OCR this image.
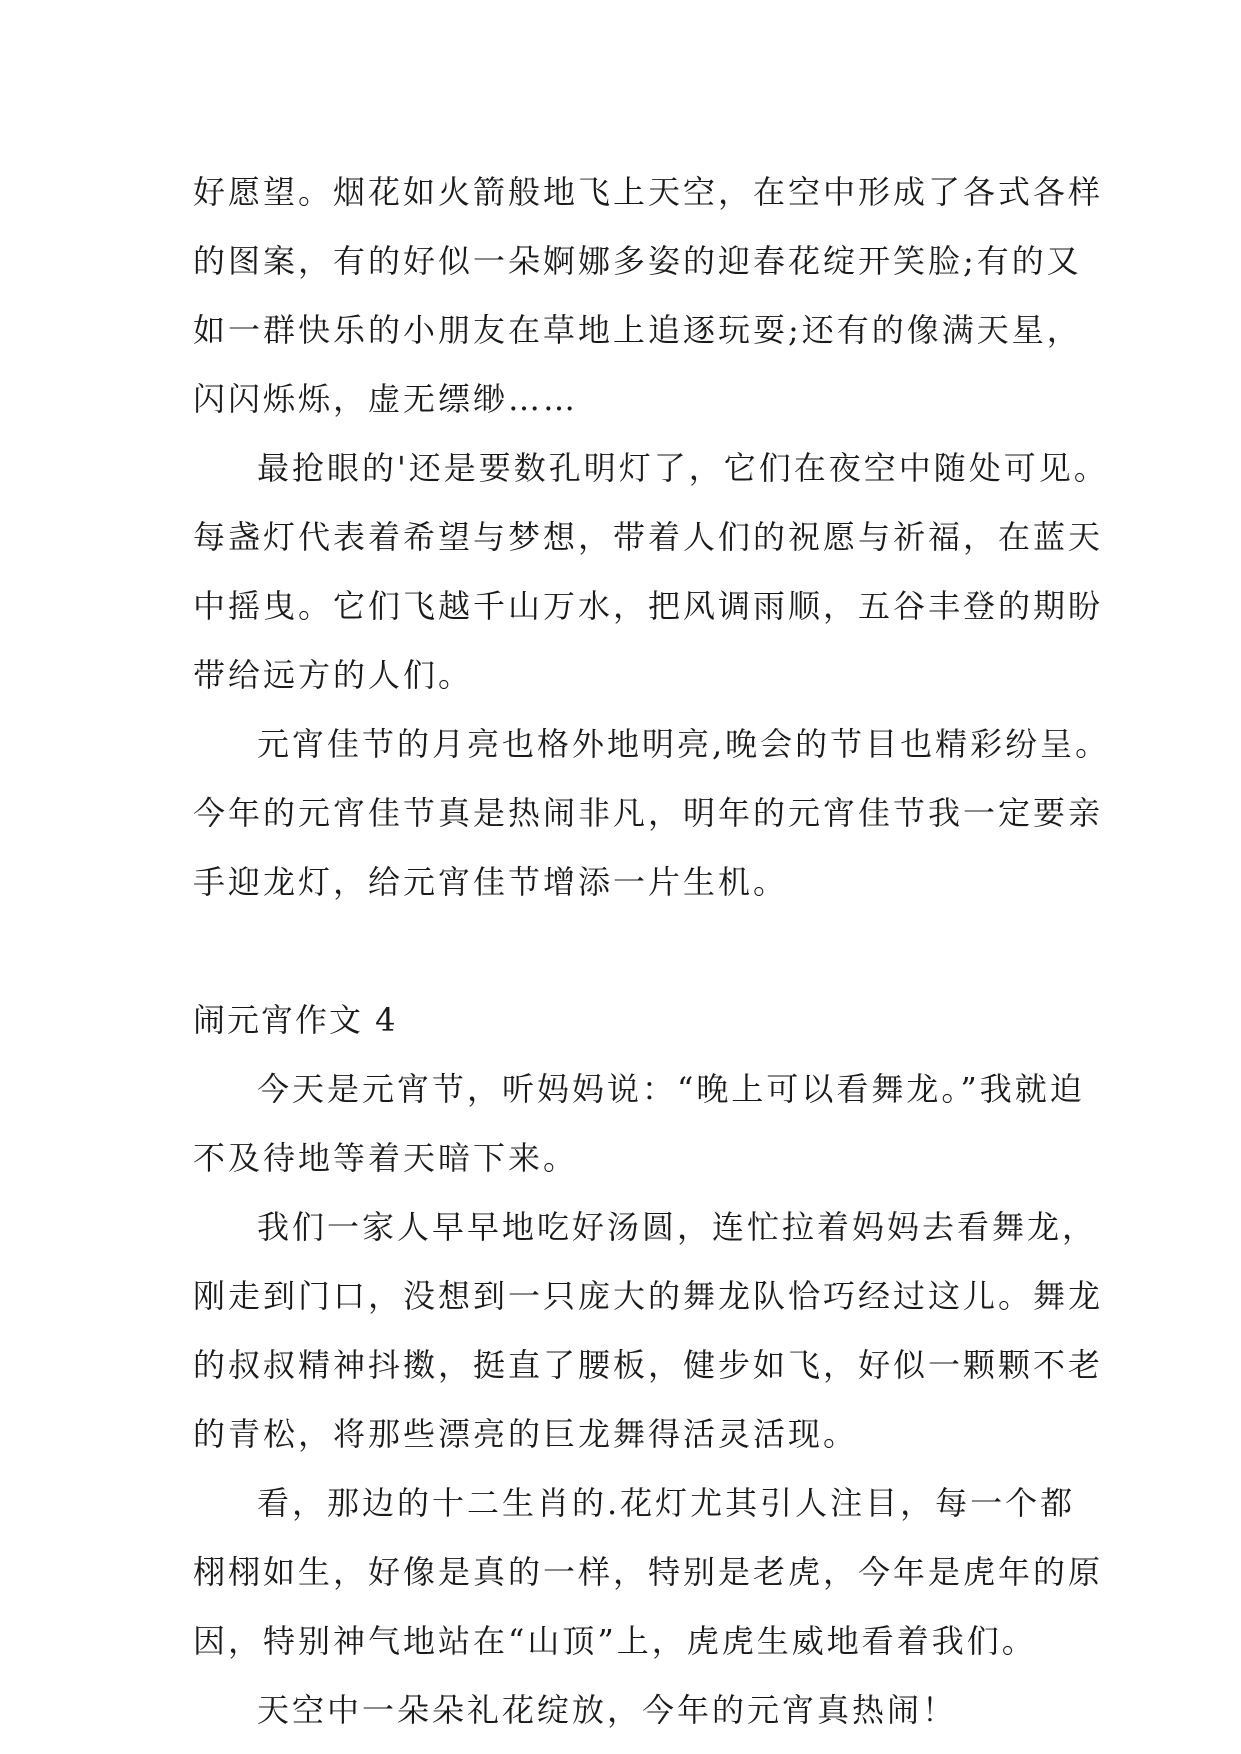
好愿望。烟花如火箭般地飞上天空，在空中形成了各式各样
的图案，有的好似一朵婀娜多姿的迎春花绽开笑脸;有的又
如一群快乐的小朋友在草地上追逐玩耍;还有的像满天星，
闪闪烁烁，虚无缥缈……
最抢眼的'还是要数孔明灯了，它们在夜空中随处可见。
每盏灯代表着希望与梦想，带着人们的祝愿与祈福，在蓝天
中摇曳。它们飞越千山万水，把风调雨顺，五谷丰登的期盼
带给远方的人们。
元宵佳节的月亮也格外地明亮,晚会的节目也精彩纷呈。
今年的元宵佳节真是热闹非凡，明年的元宵佳节我一定要亲
手迎龙灯，给元宵佳节增添一片生机。
闹元宵作文 4
今天是元宵节，听妈妈说：“晚上可以看舞龙。”我就迫
不及待地等着天暗下来。
我们一家人早早地吃好汤圆，连忙拉着妈妈去看舞龙，
刚走到门口，没想到一只庞大的舞龙队恰巧经过这儿。舞龙
的叔叔精神抖擞，挺直了腰板，健步如飞，好似一颗颗不老
的青松，将那些漂亮的巨龙舞得活灵活现。
看，那边的十二生肖的.花灯尤其引人注目，每一个都
栩栩如生，好像是真的一样，特别是老虎，今年是虎年的原
因，特别神气地站在“山顶”上，虎虎生威地看着我们。
天空中一朵朵礼花绽放，今年的元宵真热闹！
